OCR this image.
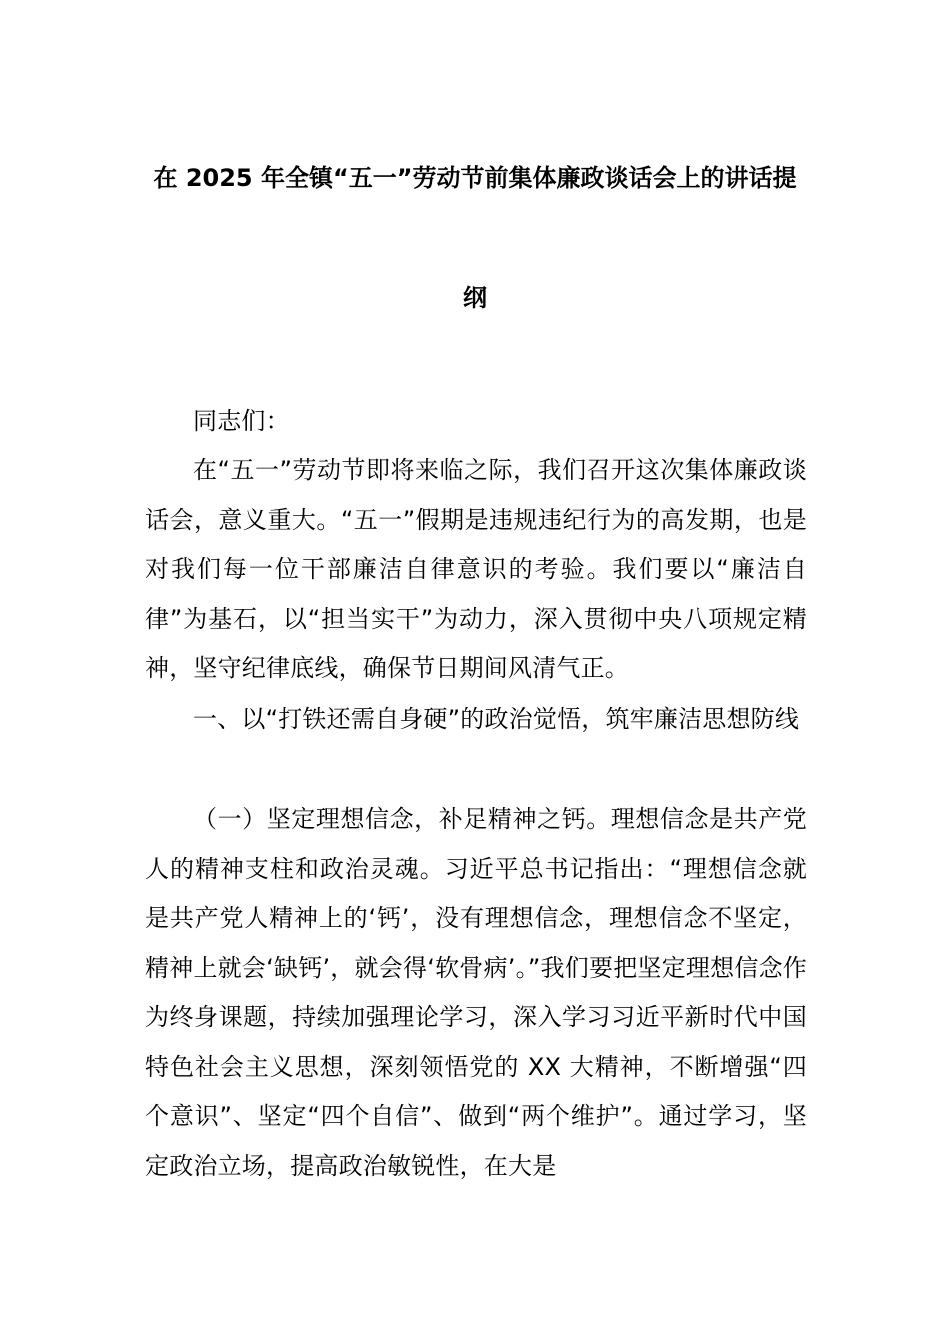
在 2025 年全镇“五一”劳动节前集体廉政谈话会上的讲话提
纲

同志们：

在“五一”劳动节即将来临之际，我们召开这次集体廉政谈话会，意义重大。“五一”假期是违规违纪行为的高发期，也是对我们每一位干部廉洁自律意识的考验。我们要以“廉洁自律”为基石，以“担当实干”为动力，深入贯彻中央八项规定精神，坚守纪律底线，确保节日期间风清气正。

一、以“打铁还需自身硬”的政治觉悟，筑牢廉洁思想防线

（一）坚定理想信念，补足精神之钙。理想信念是共产党人的精神支柱和政治灵魂。习近平总书记指出：“理想信念就是共产党人精神上的‘钙’，没有理想信念，理想信念不坚定，精神上就会‘缺钙’，就会得‘软骨病’。”我们要把坚定理想信念作为终身课题，持续加强理论学习，深入学习习近平新时代中国特色社会主义思想，深刻领悟党的 XX 大精神，不断增强“四个意识”、坚定“四个自信”、做到“两个维护”。通过学习，坚定政治立场，提高政治敏锐性，在大是
